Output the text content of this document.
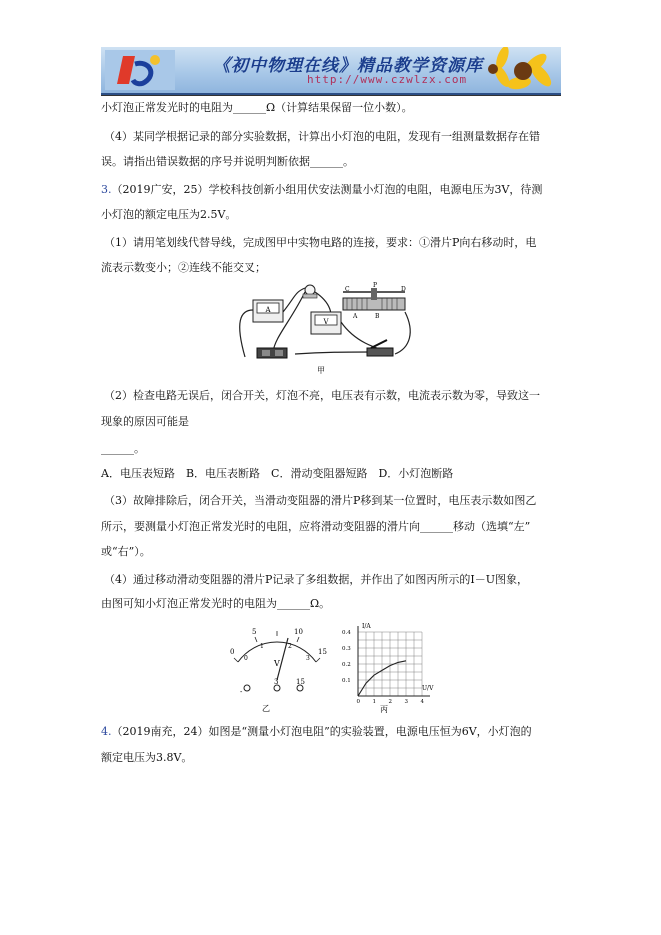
《初中物理在线》精品教学资源库
http://www.czwlzx.com
小灯泡正常发光时的电阻为______Ω（计算结果保留一位小数）。
（4）某同学根据记录的部分实验数据，计算出小灯泡的电阻，发现有一组测量数据存在错
误。请指出错误数据的序号并说明判断依据______。
3.（2019广安，25）学校科技创新小组用伏安法测量小灯泡的电阻，电源电压为3V，待测
小灯泡的额定电压为2.5V。
（1）请用笔划线代替导线，完成图甲中实物电路的连接，要求：①滑片P向右移动时，电
流表示数变小；②连线不能交叉；
A
V
C
P
D
A	B
甲
（2）检查电路无误后，闭合开关，灯泡不亮，电压表有示数，电流表示数为零，导致这一
现象的原因可能是
______。
A．电压表短路　B．电压表断路　C．滑动变阻器短路　D．小灯泡断路
（3）故障排除后，闭合开关，当滑动变阻器的滑片P移到某一位置时，电压表示数如图乙
所示，要测量小灯泡正常发光时的电阻，应将滑动变阻器的滑片向______移动（选填“左”
或“右”）。
（4）通过移动滑动变阻器的滑片P记录了多组数据，并作出了如图丙所示的I－U图象，
由图可知小灯泡正常发光时的电阻为______Ω。
0
5	10
15
0
1	2
3
V
-
3	15
乙
I/A
U/V
0.4
0.3
0.2
0.1
0 1 2 3 4
丙
4.（2019南充，24）如图是“测量小灯泡电阻”的实验装置，电源电压恒为6V，小灯泡的
额定电压为3.8V。
